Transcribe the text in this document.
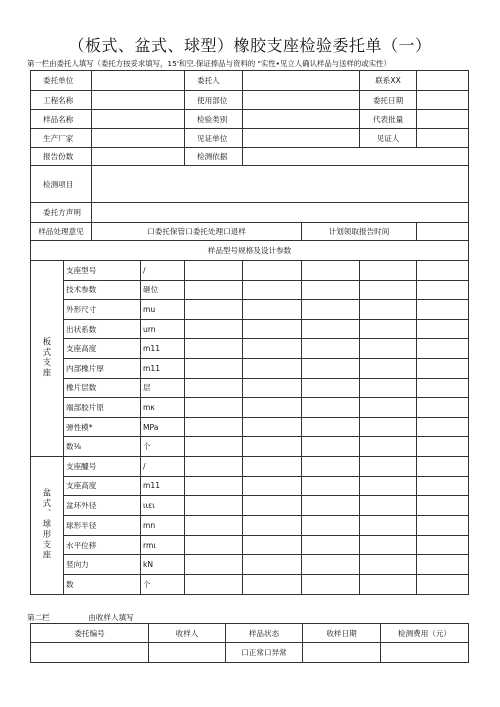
（板式、盆式、球型）橡胶支座检验委托单（一）
第一栏由委托人填写（委托方按妥求填写，15'和空.保证捧品与资料的 "实性•见立人确认样品与送样的或实性）
委托单位				委托人			联系XX	
工程名称				使用部位			委托日期	
样品名称				检验类别			代表批量	
生产厂家				见证单位			见证人	
报告份数				检测依据				
检测项目								
委托方声明								
样品处理意见		口委托保管口委托处理口退样				计划领取报告时间		
样品型号规格及设计参数								
板式支座	支座型号		/					
	技术参数		砸位					
	外形尺寸		mu					
	出状系数		urn					
	支座高度		m11					
	内部橡片厚		m11					
	橡片层数		层					
	端部胶片原		mκ					
	弹性模*		MPa					
	数⅛		个					
盆式、球形支座	支座醵号		/					
	支座高度		m11					
	盆环外径		ιιει					
	球形半径		mn					
	水平位移		rmι					
	竖向力		kN					
	数		个					
第二栏	由收样人填写
委托编号	收样人	样品状态	收样日期	检测费用（元）
		口正常口异常		
